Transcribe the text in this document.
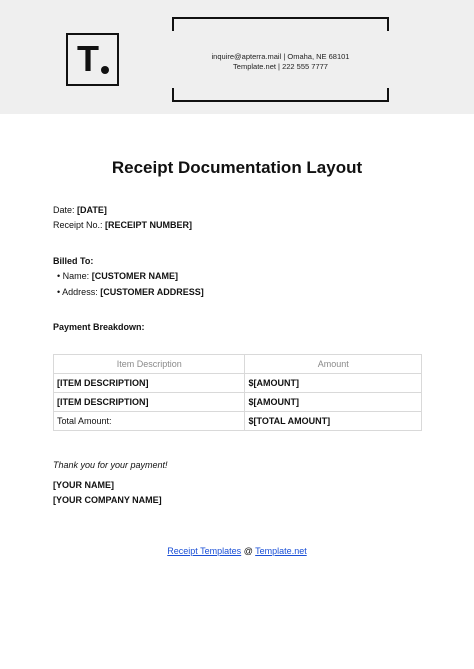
T	inquire@apterra.mail | Omaha, NE 68101
Template.net | 222 555 7777
Receipt Documentation Layout
Date: [DATE]
Receipt No.: [RECEIPT NUMBER]
Billed To:
• Name: [CUSTOMER NAME]
• Address: [CUSTOMER ADDRESS]
Payment Breakdown:
Item Description	Amount
[ITEM DESCRIPTION]	$[AMOUNT]
[ITEM DESCRIPTION]	$[AMOUNT]
Total Amount:	$[TOTAL AMOUNT]
Thank you for your payment!
[YOUR NAME]
[YOUR COMPANY NAME]
Receipt Templates @ Template.net
